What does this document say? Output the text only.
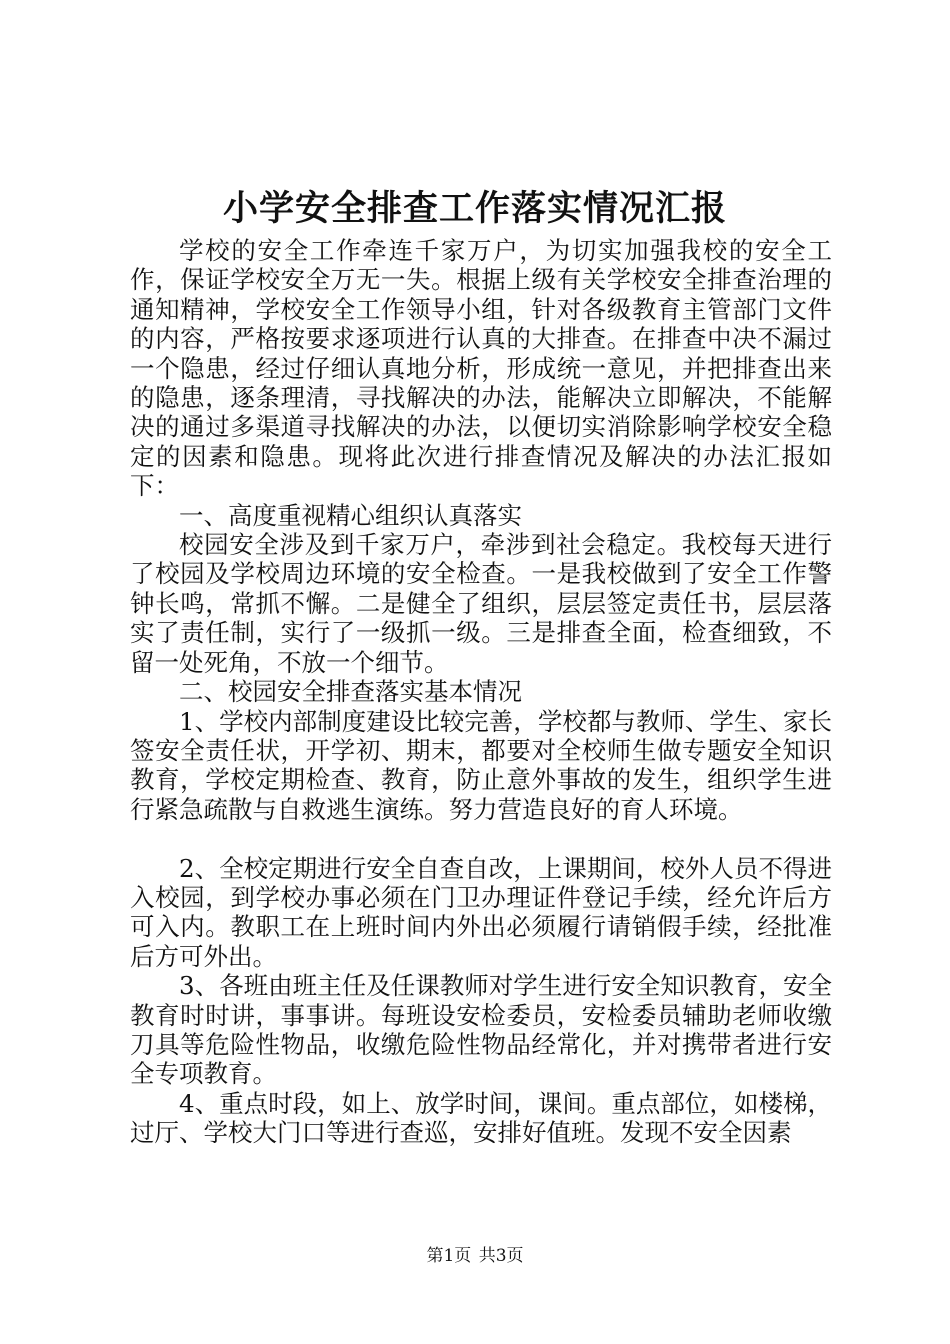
小学安全排查工作落实情况汇报

学校的安全工作牵连千家万户，为切实加强我校的安全工作，保证学校安全万无一失。根据上级有关学校安全排查治理的通知精神，学校安全工作领导小组，针对各级教育主管部门文件的内容，严格按要求逐项进行认真的大排查。在排查中决不漏过一个隐患，经过仔细认真地分析，形成统一意见，并把排查出来的隐患，逐条理清，寻找解决的办法，能解决立即解决，不能解决的通过多渠道寻找解决的办法，以便切实消除影响学校安全稳定的因素和隐患。现将此次进行排查情况及解决的办法汇报如下：

一、高度重视精心组织认真落实

校园安全涉及到千家万户，牵涉到社会稳定。我校每天进行了校园及学校周边环境的安全检查。一是我校做到了安全工作警钟长鸣，常抓不懈。二是健全了组织，层层签定责任书，层层落实了责任制，实行了一级抓一级。三是排查全面，检查细致，不留一处死角，不放一个细节。

二、校园安全排查落实基本情况

1、学校内部制度建设比较完善，学校都与教师、学生、家长签安全责任状，开学初、期末，都要对全校师生做专题安全知识教育，学校定期检查、教育，防止意外事故的发生，组织学生进行紧急疏散与自救逃生演练。努力营造良好的育人环境。

2、全校定期进行安全自查自改，上课期间，校外人员不得进入校园，到学校办事必须在门卫办理证件登记手续，经允许后方可入内。教职工在上班时间内外出必须履行请销假手续，经批准后方可外出。

3、各班由班主任及任课教师对学生进行安全知识教育，安全教育时时讲，事事讲。每班设安检委员，安检委员辅助老师收缴刀具等危险性物品，收缴危险性物品经常化，并对携带者进行安全专项教育。

4、重点时段，如上、放学时间，课间。重点部位，如楼梯，过厅、学校大门口等进行查巡，安排好值班。发现不安全因素

第1页 共3页
